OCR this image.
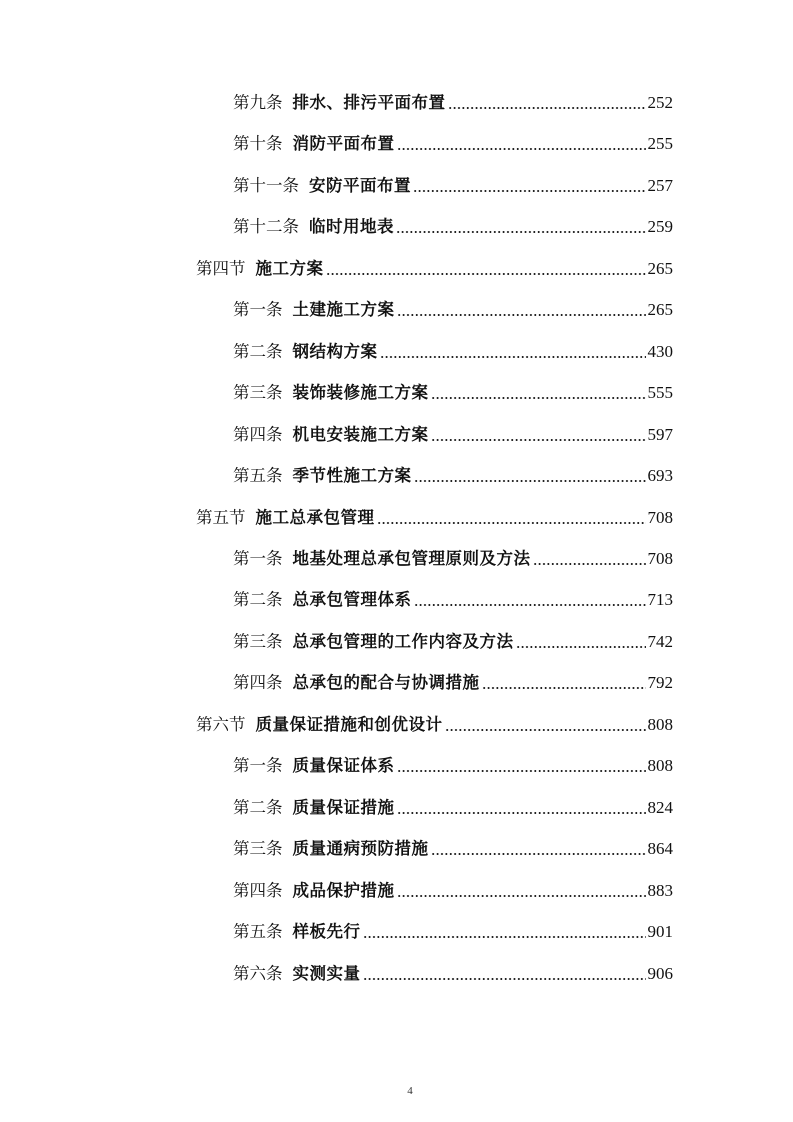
第九条 排水、排污平面布置	252
第十条 消防平面布置	255
第十一条 安防平面布置	257
第十二条 临时用地表	259
第四节 施工方案	265
第一条 土建施工方案	265
第二条 钢结构方案	430
第三条 装饰装修施工方案	555
第四条 机电安装施工方案	597
第五条 季节性施工方案	693
第五节 施工总承包管理	708
第一条 地基处理总承包管理原则及方法	708
第二条 总承包管理体系	713
第三条 总承包管理的工作内容及方法	742
第四条 总承包的配合与协调措施	792
第六节 质量保证措施和创优设计	808
第一条 质量保证体系	808
第二条 质量保证措施	824
第三条 质量通病预防措施	864
第四条 成品保护措施	883
第五条 样板先行	901
第六条 实测实量	906
4
